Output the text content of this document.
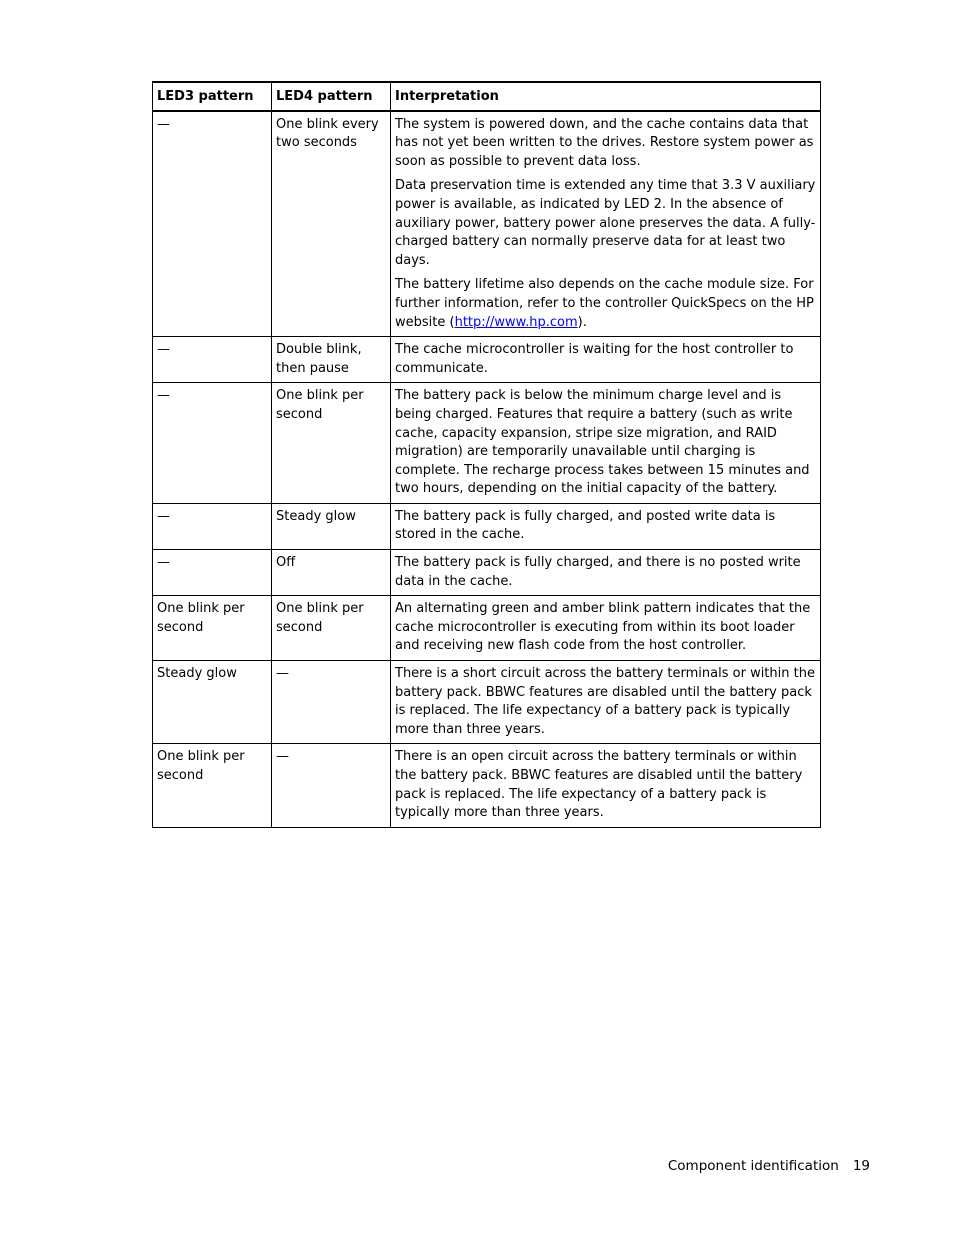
LED3 pattern	LED4 pattern	Interpretation
—	One blink every two seconds	The system is powered down, and the cache contains data that has not yet been written to the drives. Restore system power as soon as possible to prevent data loss.

Data preservation time is extended any time that 3.3 V auxiliary power is available, as indicated by LED 2. In the absence of auxiliary power, battery power alone preserves the data. A fully-charged battery can normally preserve data for at least two days.

The battery lifetime also depends on the cache module size. For further information, refer to the controller QuickSpecs on the HP website (http://www.hp.com).

—	Double blink, then pause	The cache microcontroller is waiting for the host controller to communicate.
—	One blink per second	The battery pack is below the minimum charge level and is being charged. Features that require a battery (such as write cache, capacity expansion, stripe size migration, and RAID migration) are temporarily unavailable until charging is complete. The recharge process takes between 15 minutes and two hours, depending on the initial capacity of the battery.
—	Steady glow	The battery pack is fully charged, and posted write data is stored in the cache.
—	Off	The battery pack is fully charged, and there is no posted write data in the cache.
One blink per second	One blink per second	An alternating green and amber blink pattern indicates that the cache microcontroller is executing from within its boot loader and receiving new flash code from the host controller.
Steady glow	—	There is a short circuit across the battery terminals or within the battery pack. BBWC features are disabled until the battery pack is replaced. The life expectancy of a battery pack is typically more than three years.
One blink per second	—	There is an open circuit across the battery terminals or within the battery pack. BBWC features are disabled until the battery pack is replaced. The life expectancy of a battery pack is typically more than three years.
Component identification 19
